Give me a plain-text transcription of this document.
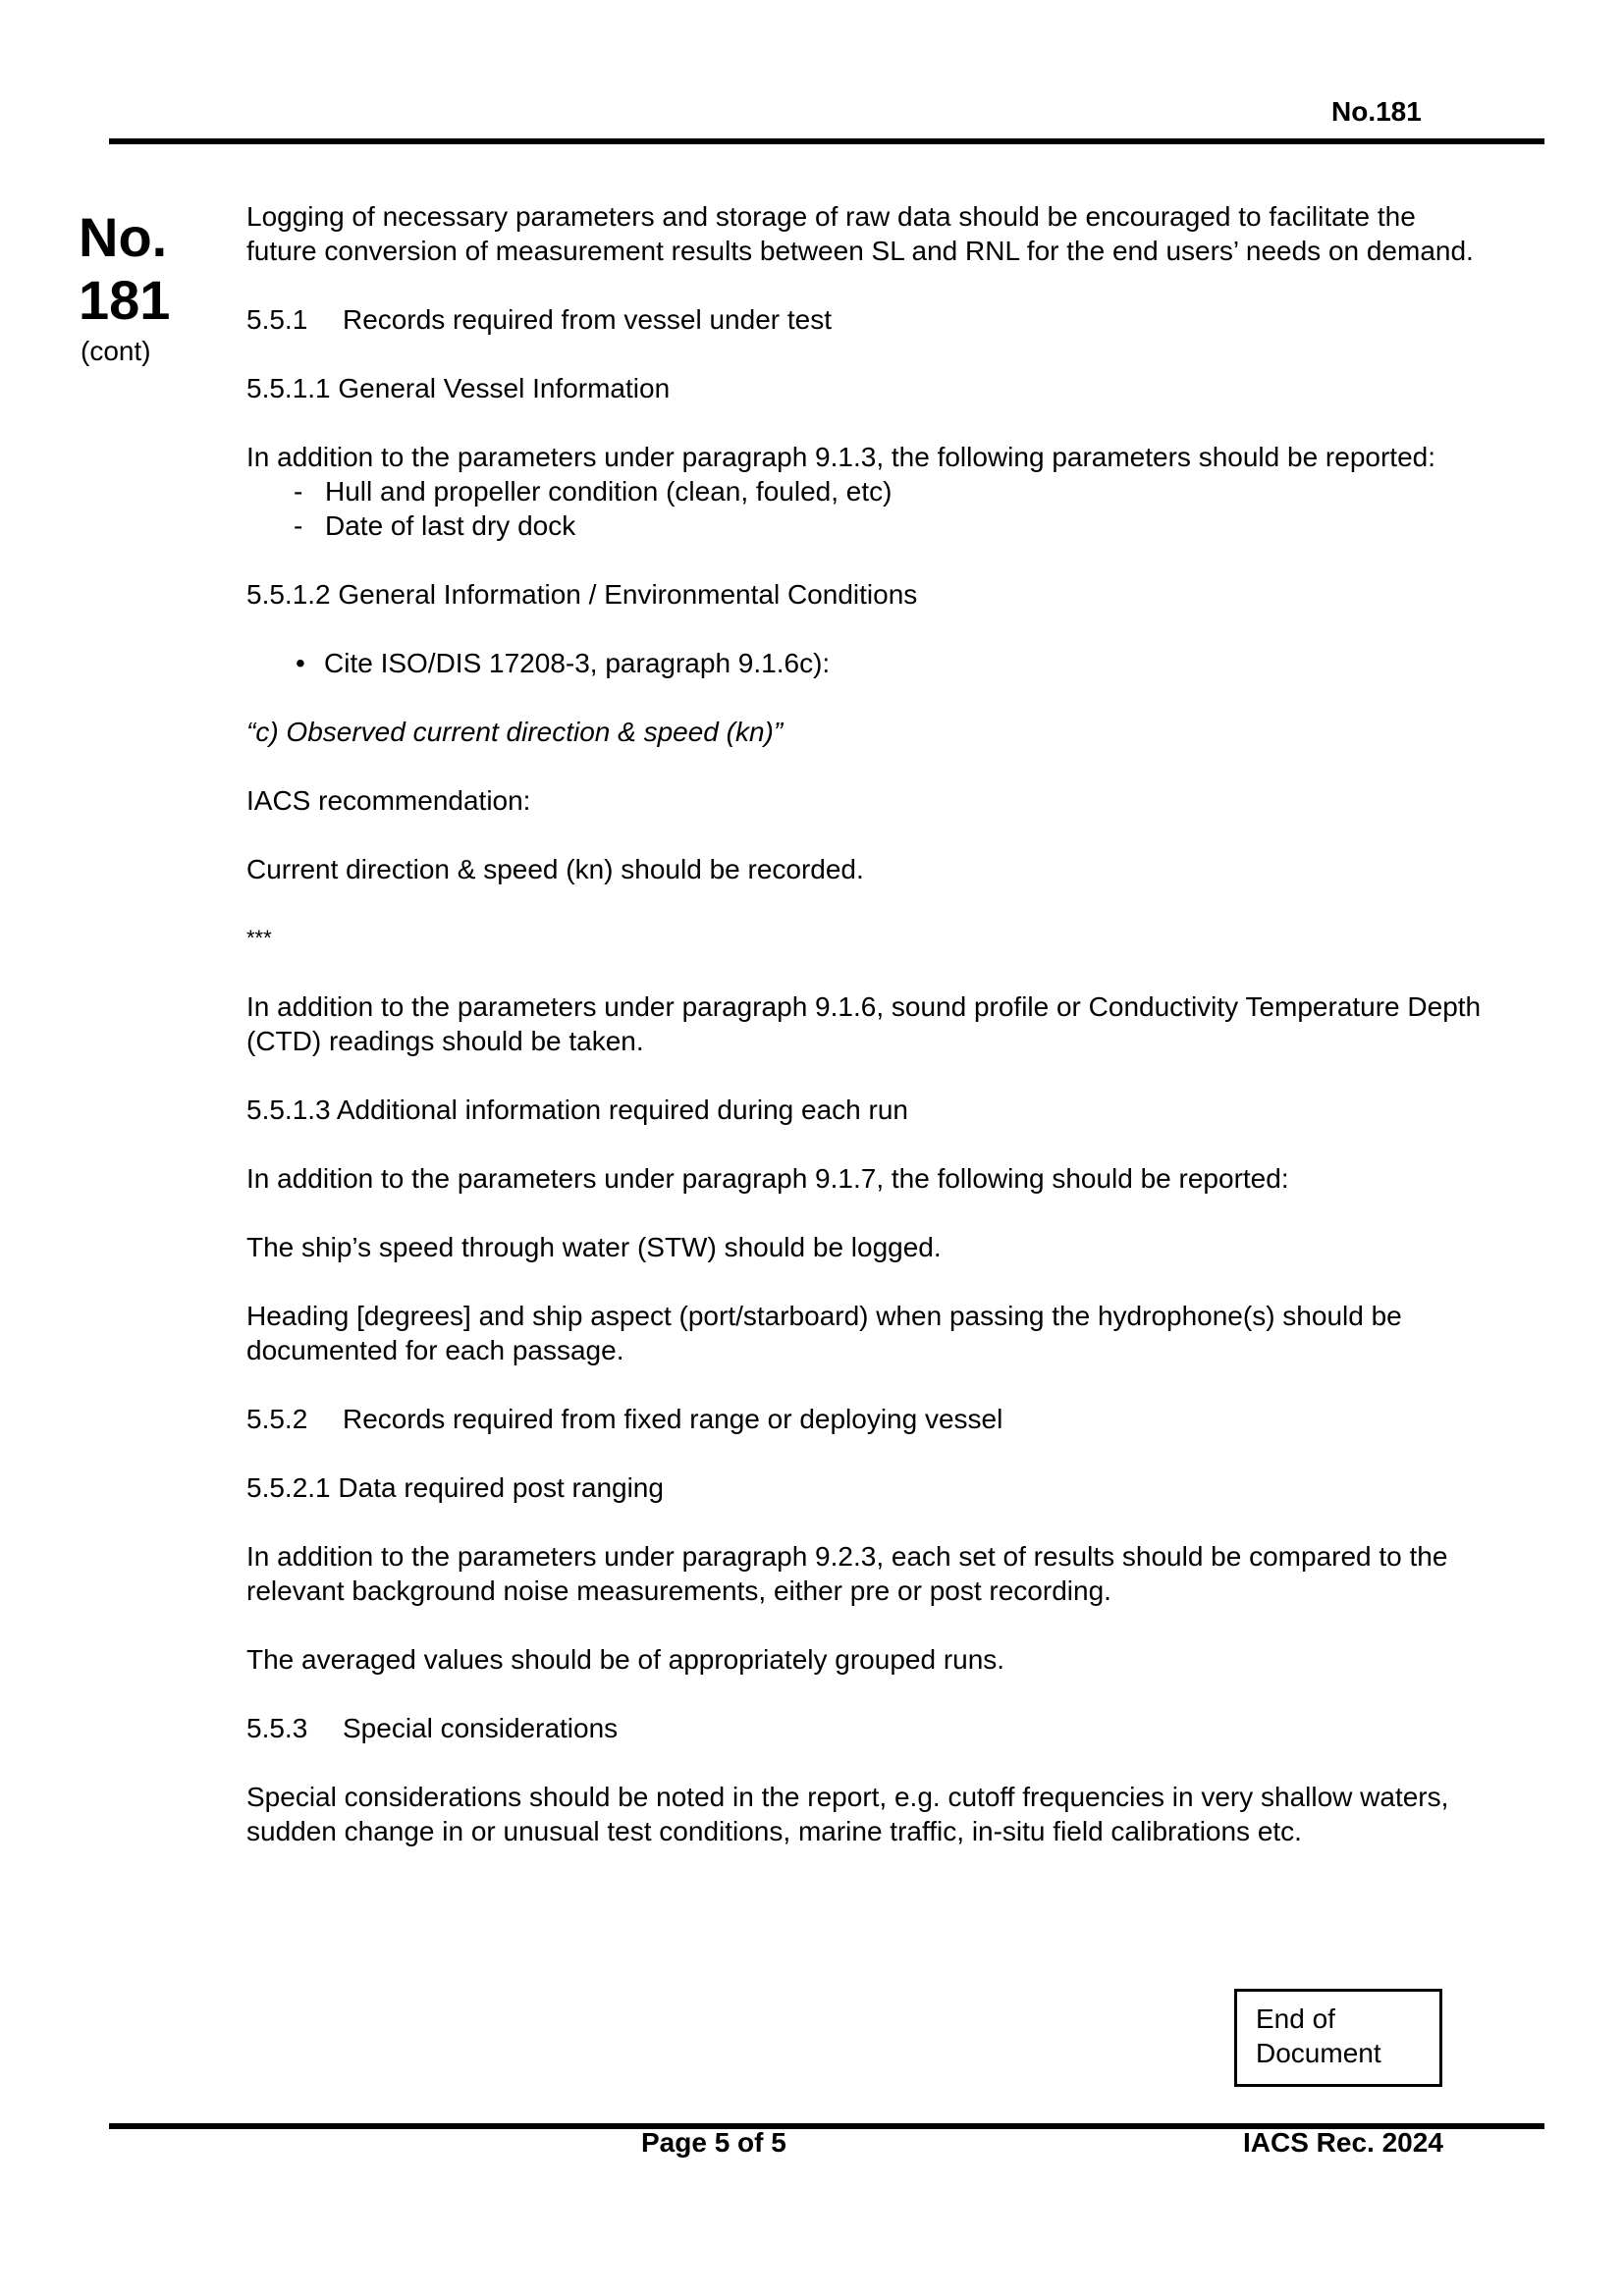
No.181

No.

181

(cont)

Logging of necessary parameters and storage of raw data should be encouraged to facilitate the future conversion of measurement results between SL and RNL for the end users’ needs on demand.

5.5.1 Records required from vessel under test

5.5.1.1 General Vessel Information

In addition to the parameters under paragraph 9.1.3, the following parameters should be reported:

- Hull and propeller condition (clean, fouled, etc)
- Date of last dry dock

5.5.1.2 General Information / Environmental Conditions

• Cite ISO/DIS 17208-3, paragraph 9.1.6c):

“c) Observed current direction & speed (kn)”

IACS recommendation:

Current direction & speed (kn) should be recorded.

***

In addition to the parameters under paragraph 9.1.6, sound profile or Conductivity Temperature Depth (CTD) readings should be taken.

5.5.1.3 Additional information required during each run

In addition to the parameters under paragraph 9.1.7, the following should be reported:

The ship’s speed through water (STW) should be logged.

Heading [degrees] and ship aspect (port/starboard) when passing the hydrophone(s) should be documented for each passage.

5.5.2 Records required from fixed range or deploying vessel

5.5.2.1 Data required post ranging

In addition to the parameters under paragraph 9.2.3, each set of results should be compared to the relevant background noise measurements, either pre or post recording.

The averaged values should be of appropriately grouped runs.

5.5.3 Special considerations

Special considerations should be noted in the report, e.g. cutoff frequencies in very shallow waters, sudden change in or unusual test conditions, marine traffic, in-situ field calibrations etc.

End of
Document
Page 5 of 5	IACS Rec. 2024
